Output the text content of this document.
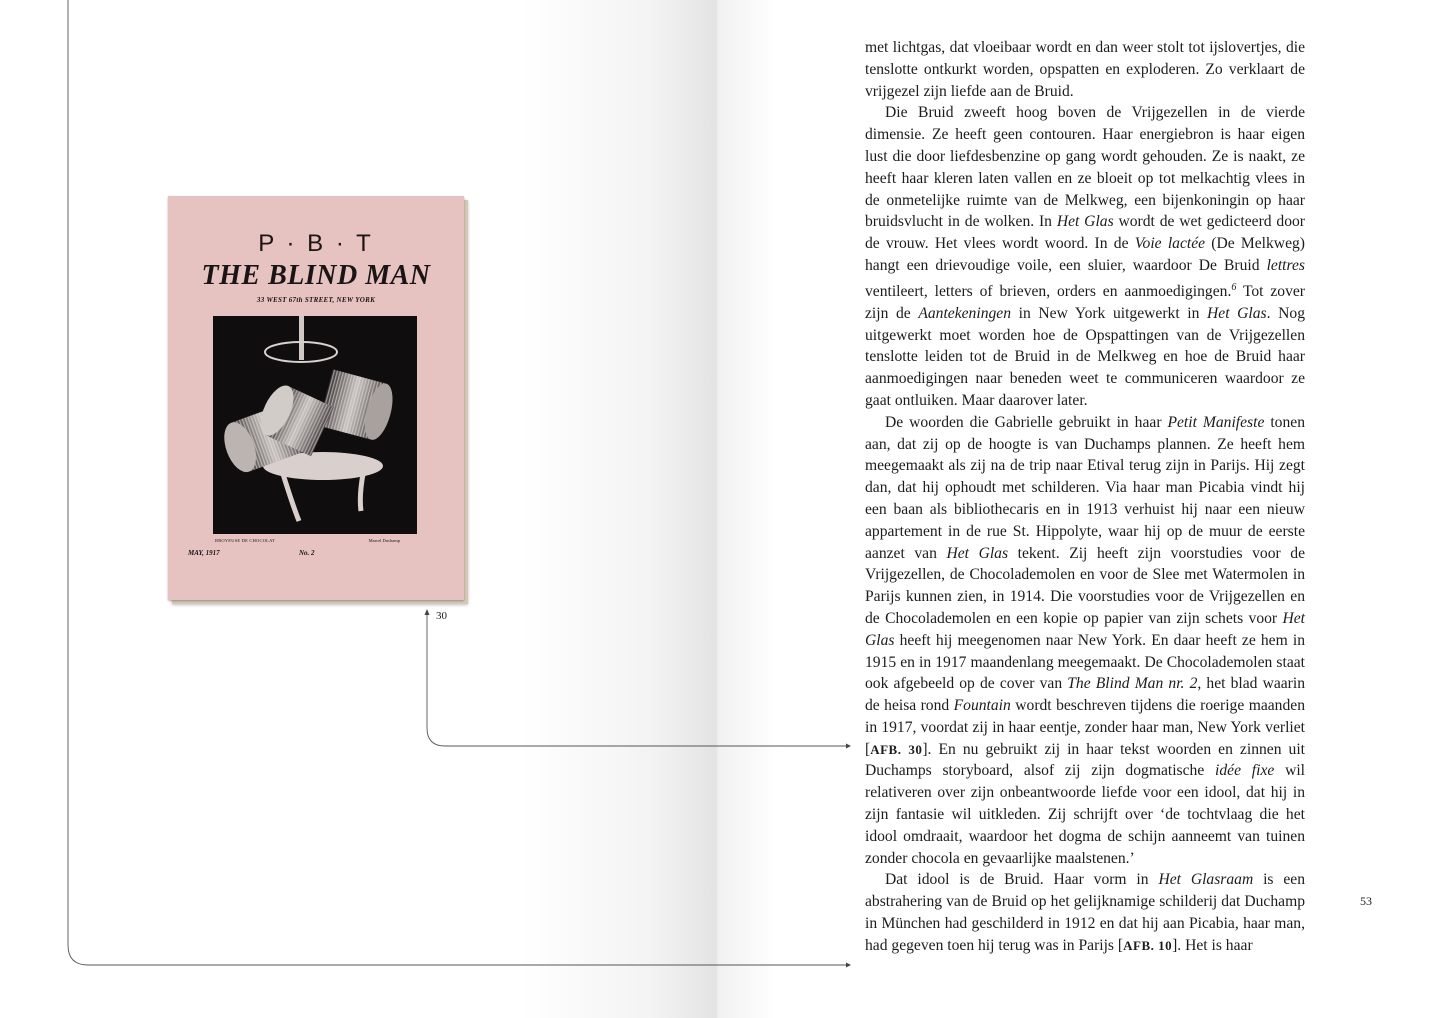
P · B · T
THE BLIND MAN
33 WEST 67th STREET, NEW YORK
BROYEUSE DE CHOCOLAT	Marcel Duchamp
MAY, 1917	No. 2
30

met lichtgas, dat vloeibaar wordt en dan weer stolt tot ijslovertjes, die tenslotte ontkurkt worden, opspatten en exploderen. Zo verklaart de vrijgezel zijn liefde aan de Bruid.

Die Bruid zweeft hoog boven de Vrijgezellen in de vierde dimensie. Ze heeft geen contouren. Haar energiebron is haar eigen lust die door liefdesbenzine op gang wordt gehouden. Ze is naakt, ze heeft haar kleren laten vallen en ze bloeit op tot melkachtig vlees in de onmetelijke ruimte van de Melkweg, een bijenkoningin op haar bruidsvlucht in de wolken. In Het Glas wordt de wet gedicteerd door de vrouw. Het vlees wordt woord. In de Voie lactée (De Melkweg) hangt een drievoudige voile, een sluier, waardoor De Bruid lettres ventileert, letters of brieven, orders en aanmoedigingen.$^6$ Tot zover zijn de Aantekeningen in New York uitgewerkt in Het Glas. Nog uitgewerkt moet worden hoe de Opspattingen van de Vrijgezellen tenslotte leiden tot de Bruid in de Melkweg en hoe de Bruid haar aanmoedigingen naar beneden weet te communiceren waardoor ze gaat ontluiken. Maar daarover later.

De woorden die Gabrielle gebruikt in haar Petit Manifeste tonen aan, dat zij op de hoogte is van Duchamps plannen. Ze heeft hem meegemaakt als zij na de trip naar Etival terug zijn in Parijs. Hij zegt dan, dat hij ophoudt met schilderen. Via haar man Picabia vindt hij een baan als bibliothecaris en in 1913 verhuist hij naar een nieuw appartement in de rue St. Hippolyte, waar hij op de muur de eerste aanzet van Het Glas tekent. Zij heeft zijn voorstudies voor de Vrijgezellen, de Chocolademolen en voor de Slee met Watermolen in Parijs kunnen zien, in 1914. Die voorstudies voor de Vrijgezellen en de Chocolademolen en een kopie op papier van zijn schets voor Het Glas heeft hij meegenomen naar New York. En daar heeft ze hem in 1915 en in 1917 maandenlang meegemaakt. De Chocolademolen staat ook afgebeeld op de cover van The Blind Man nr. 2, het blad waarin de heisa rond Fountain wordt beschreven tijdens die roerige maanden in 1917, voordat zij in haar eentje, zonder haar man, New York verliet [AFB. 30]. En nu gebruikt zij in haar tekst woorden en zinnen uit Duchamps storyboard, alsof zij zijn dogmatische idée fixe wil relativeren over zijn onbeantwoorde liefde voor een idool, dat hij in zijn fantasie wil uitkleden. Zij schrijft over ‘de tochtvlaag die het idool omdraait, waardoor het dogma de schijn aanneemt van tuinen zonder chocola en gevaarlijke maalstenen.’

Dat idool is de Bruid. Haar vorm in Het Glasraam is een abstrahering van de Bruid op het gelijknamige schilderij dat Duchamp in München had geschilderd in 1912 en dat hij aan Picabia, haar man, had gegeven toen hij terug was in Parijs [AFB. 10]. Het is haar

53
